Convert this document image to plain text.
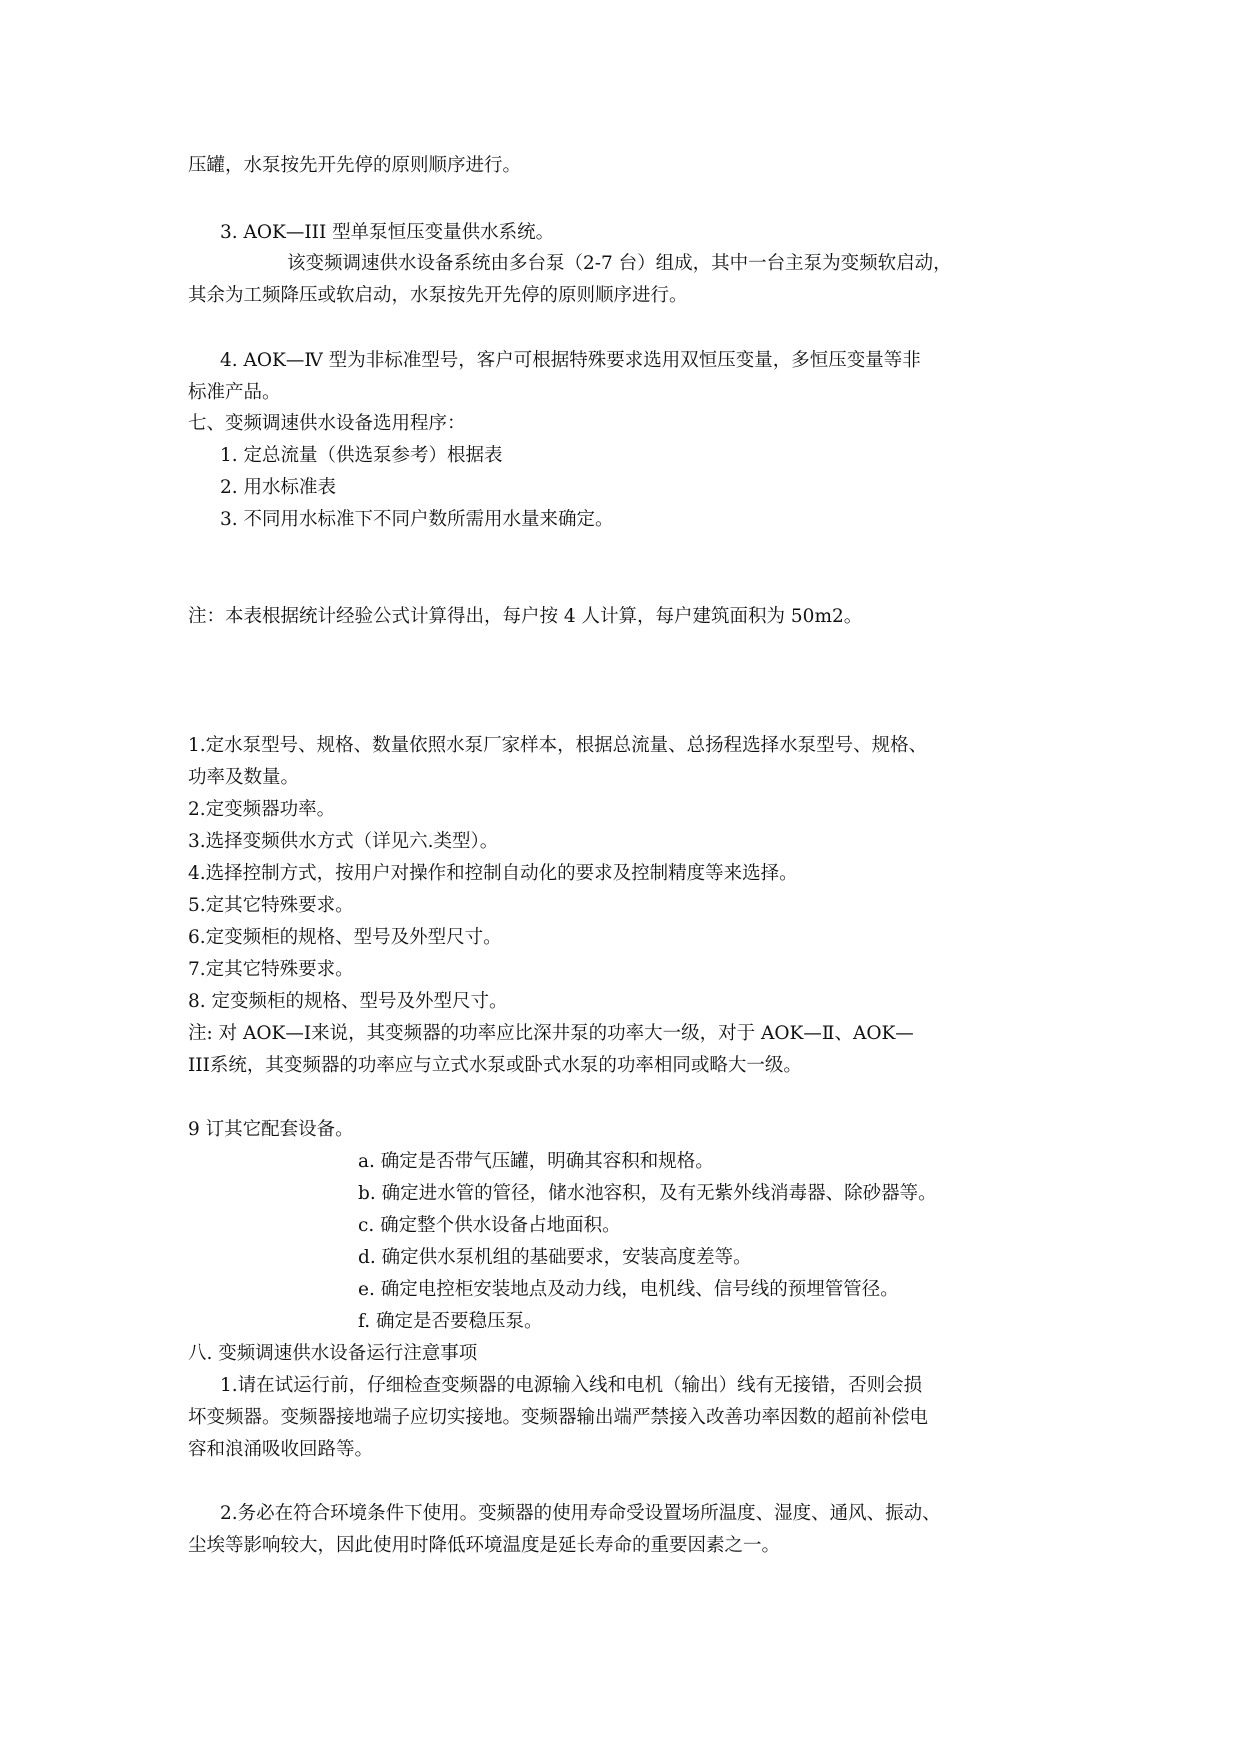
压罐，水泵按先开先停的原则顺序进行。
3. AOK—III 型单泵恒压变量供水系统。
该变频调速供水设备系统由多台泵（2-7 台）组成，其中一台主泵为变频软启动，
其余为工频降压或软启动，水泵按先开先停的原则顺序进行。
4. AOK—Ⅳ 型为非标准型号，客户可根据特殊要求选用双恒压变量，多恒压变量等非
标准产品。
七、变频调速供水设备选用程序：
1. 定总流量（供选泵参考）根据表
2. 用水标准表
3. 不同用水标准下不同户数所需用水量来确定。
注：本表根据统计经验公式计算得出，每户按 4 人计算，每户建筑面积为 50m2。
1.定水泵型号、规格、数量依照水泵厂家样本，根据总流量、总扬程选择水泵型号、规格、
功率及数量。
2.定变频器功率。
3.选择变频供水方式（详见六.类型）。
4.选择控制方式，按用户对操作和控制自动化的要求及控制精度等来选择。
5.定其它特殊要求。
6.定变频柜的规格、型号及外型尺寸。
7.定其它特殊要求。
8. 定变频柜的规格、型号及外型尺寸。
注: 对 AOK—Ⅰ来说，其变频器的功率应比深井泵的功率大一级，对于 AOK—Ⅱ、AOK—
III系统，其变频器的功率应与立式水泵或卧式水泵的功率相同或略大一级。
9 订其它配套设备。
a. 确定是否带气压罐，明确其容积和规格。
b. 确定进水管的管径，储水池容积，及有无紫外线消毒器、除砂器等。
c. 确定整个供水设备占地面积。
d. 确定供水泵机组的基础要求，安装高度差等。
e. 确定电控柜安装地点及动力线，电机线、信号线的预埋管管径。
f. 确定是否要稳压泵。
八. 变频调速供水设备运行注意事项
1.请在试运行前，仔细检查变频器的电源输入线和电机（输出）线有无接错，否则会损
坏变频器。变频器接地端子应切实接地。变频器输出端严禁接入改善功率因数的超前补偿电
容和浪涌吸收回路等。
2.务必在符合环境条件下使用。变频器的使用寿命受设置场所温度、湿度、通风、振动、
尘埃等影响较大，因此使用时降低环境温度是延长寿命的重要因素之一。
